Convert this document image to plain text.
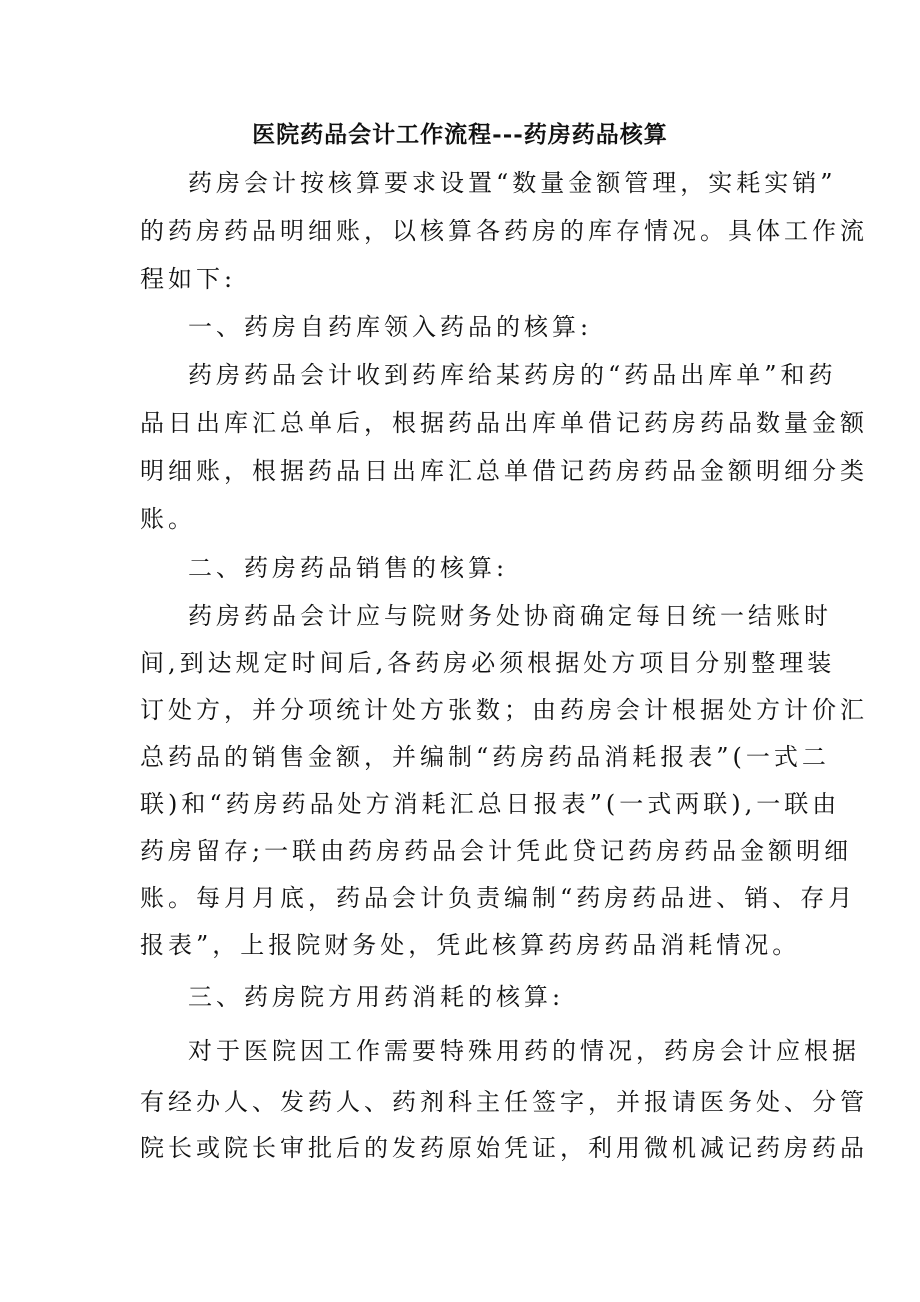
医院药品会计工作流程---药房药品核算
药房会计按核算要求设置“数量金额管理，实耗实销”
的药房药品明细账，以核算各药房的库存情况。具体工作流
程如下:
一、药房自药库领入药品的核算:
药房药品会计收到药库给某药房的“药品出库单”和药
品日出库汇总单后，根据药品出库单借记药房药品数量金额
明细账，根据药品日出库汇总单借记药房药品金额明细分类
账。
二、药房药品销售的核算:
药房药品会计应与院财务处协商确定每日统一结账时
间,到达规定时间后,各药房必须根据处方项目分别整理装
订处方，并分项统计处方张数；由药房会计根据处方计价汇
总药品的销售金额，并编制“药房药品消耗报表”(一式二
联)和“药房药品处方消耗汇总日报表”(一式两联),一联由
药房留存;一联由药房药品会计凭此贷记药房药品金额明细
账。每月月底，药品会计负责编制“药房药品进、销、存月
报表”，上报院财务处，凭此核算药房药品消耗情况。
三、药房院方用药消耗的核算:
对于医院因工作需要特殊用药的情况，药房会计应根据
有经办人、发药人、药剂科主任签字，并报请医务处、分管
院长或院长审批后的发药原始凭证，利用微机减记药房药品
